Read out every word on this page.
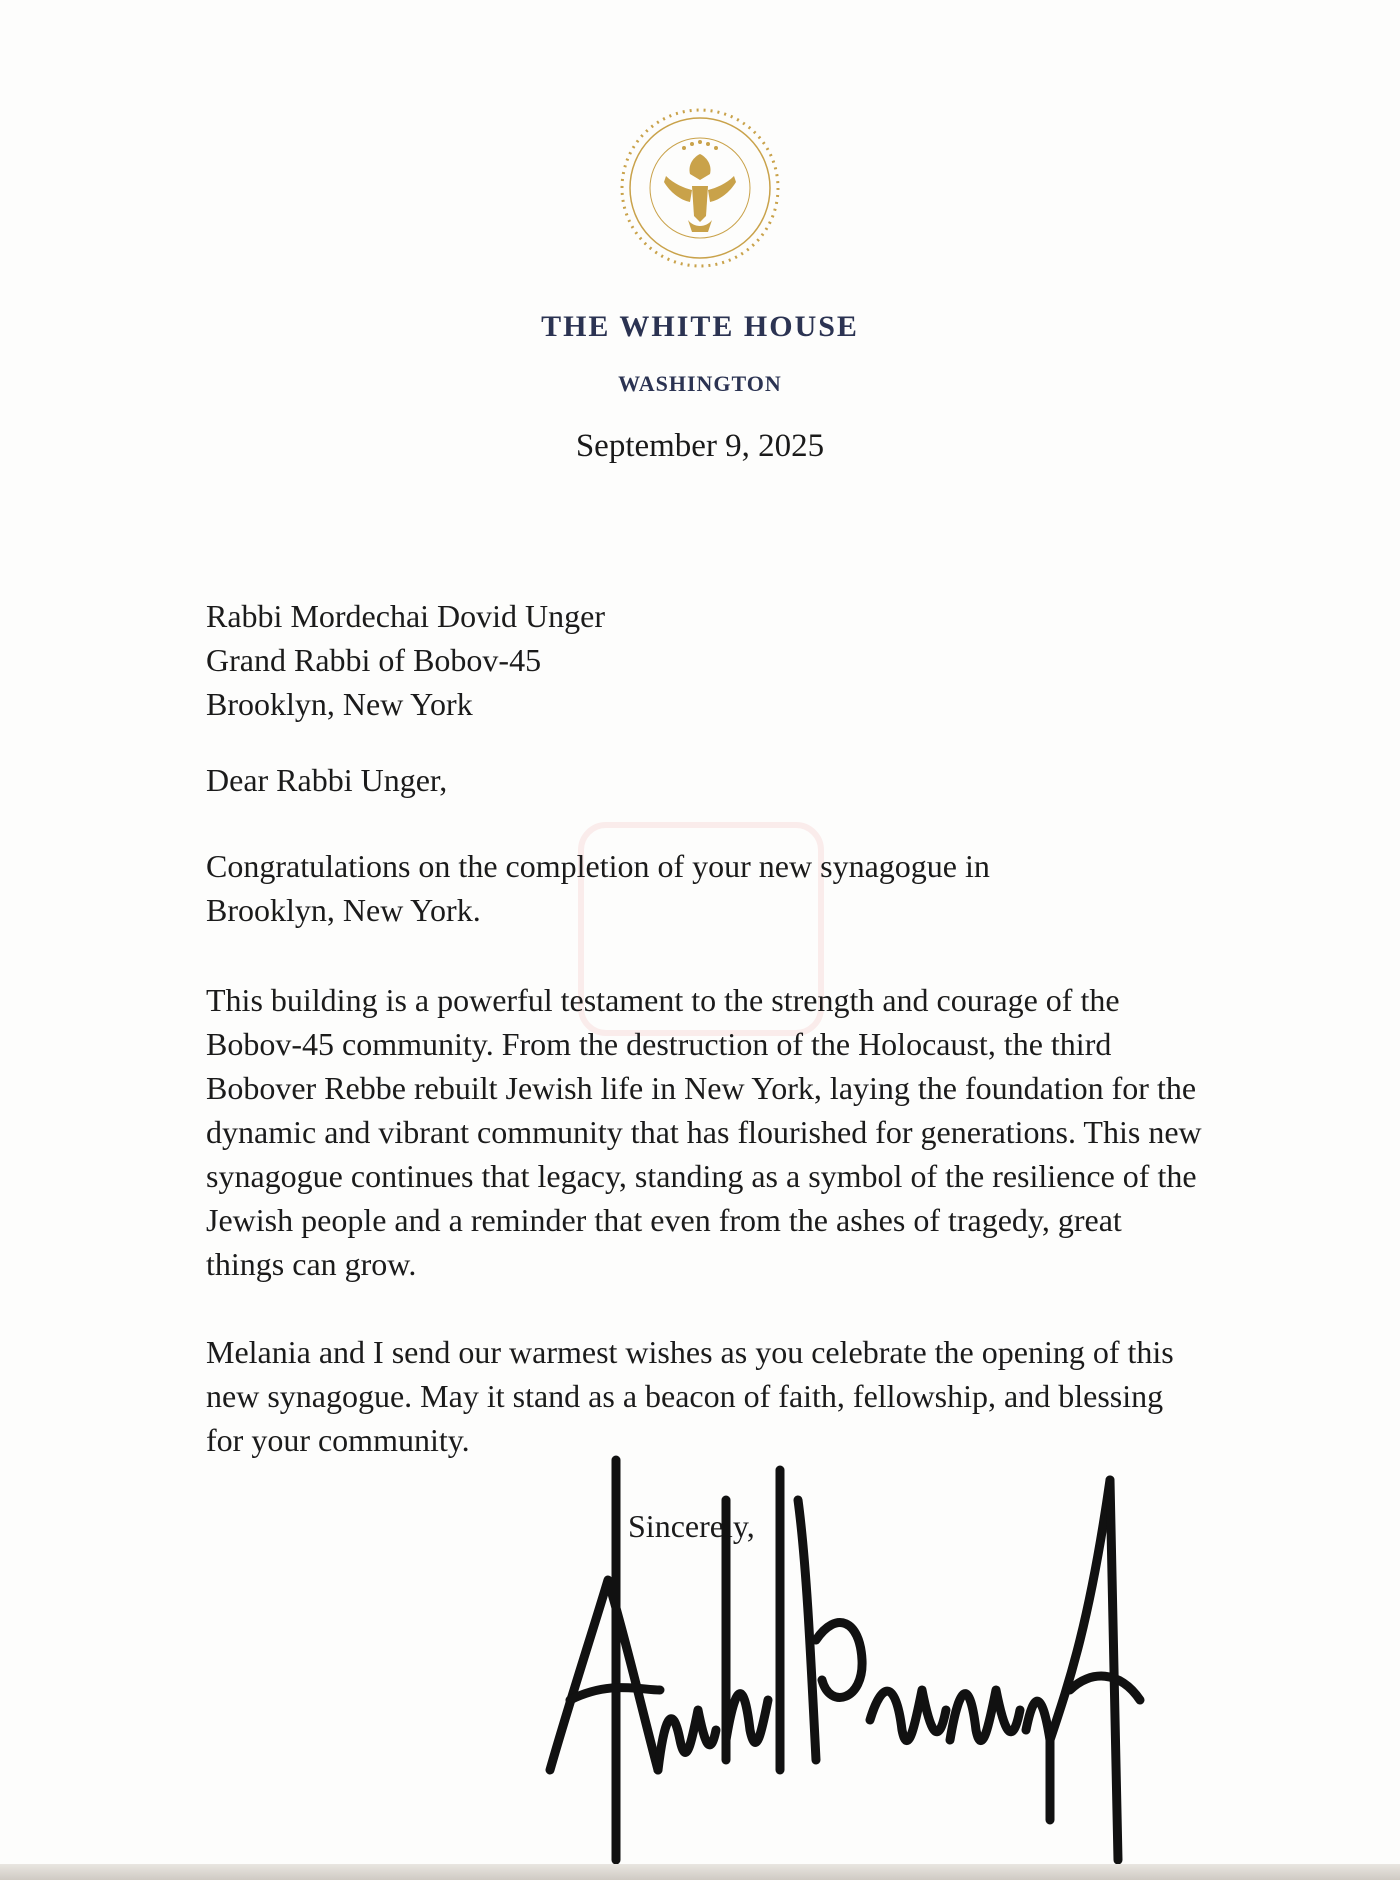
THE WHITE HOUSE
WASHINGTON
September 9, 2025
Rabbi Mordechai Dovid Unger
Grand Rabbi of Bobov-45
Brooklyn, New York
Dear Rabbi Unger,
Congratulations on the completion of your new synagogue in Brooklyn, New York.
This building is a powerful testament to the strength and courage of the Bobov-45 community. From the destruction of the Holocaust, the third Bobover Rebbe rebuilt Jewish life in New York, laying the foundation for the dynamic and vibrant community that has flourished for generations. This new synagogue continues that legacy, standing as a symbol of the resilience of the Jewish people and a reminder that even from the ashes of tragedy, great things can grow.
Melania and I send our warmest wishes as you celebrate the opening of this new synagogue. May it stand as a beacon of faith, fellowship, and blessing for your community.
Sincerely,
